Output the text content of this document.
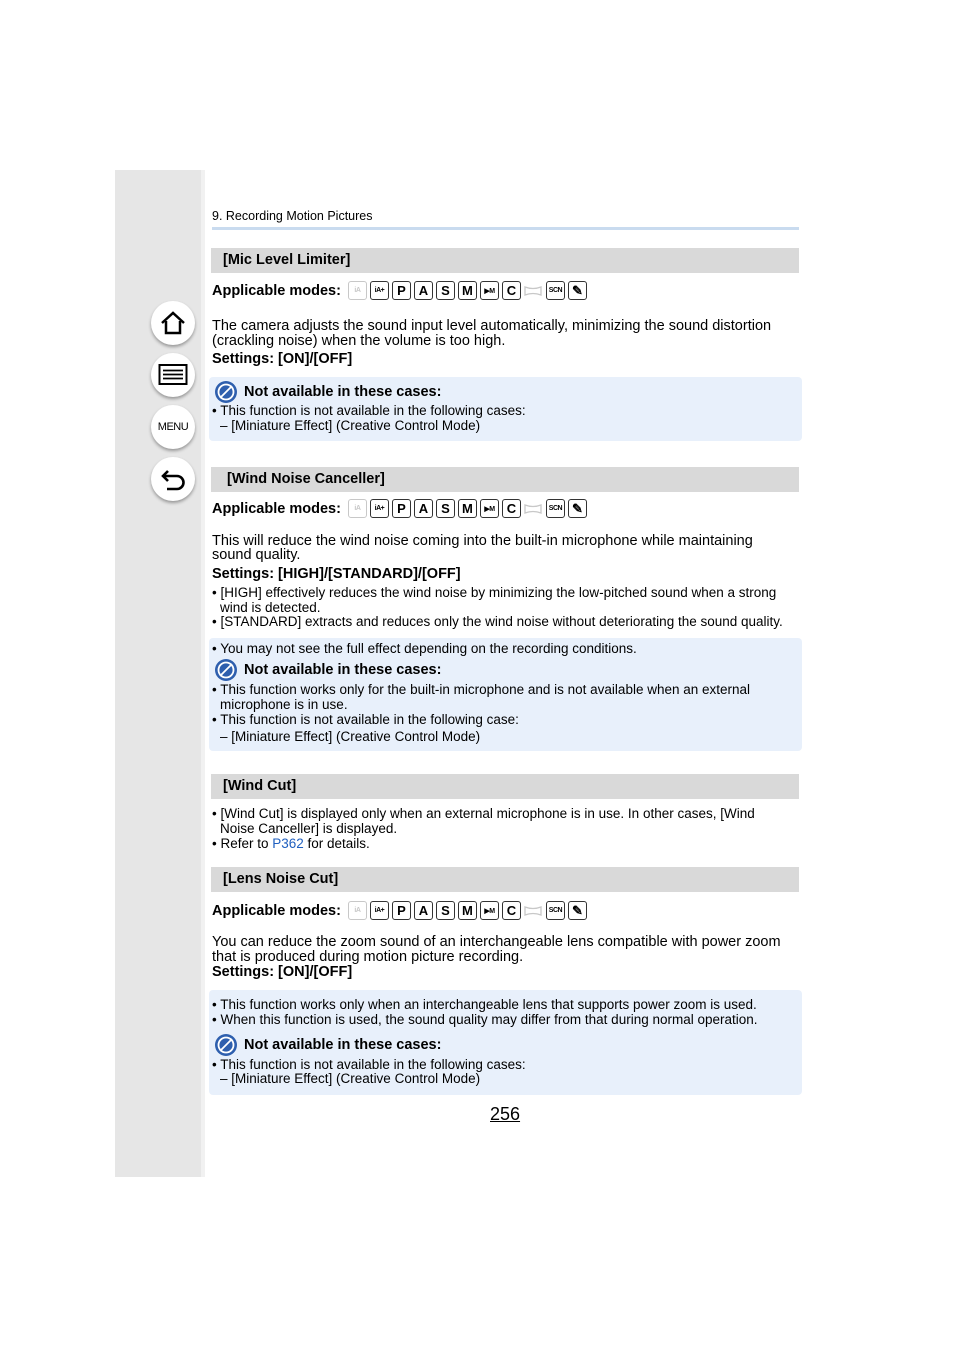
MENU
9. Recording Motion Pictures
[Mic Level Limiter]
Applicable modes:	iA	iA+ P A S M	▶M C	SCN ✎
The camera adjusts the sound input level automatically, minimizing the sound distortion
(crackling noise) when the volume is too high.
Settings: [ON]/[OFF]
Not available in these cases:
• This function is not available in the following cases:
– [Miniature Effect] (Creative Control Mode)
[Wind Noise Canceller]
Applicable modes:	iA	iA+ P A S M	▶M C	SCN ✎
This will reduce the wind noise coming into the built-in microphone while maintaining
sound quality.
Settings: [HIGH]/[STANDARD]/[OFF]
• [HIGH] effectively reduces the wind noise by minimizing the low-pitched sound when a strong
wind is detected.
• [STANDARD] extracts and reduces only the wind noise without deteriorating the sound quality.
• You may not see the full effect depending on the recording conditions.
Not available in these cases:
• This function works only for the built-in microphone and is not available when an external
microphone is in use.
• This function is not available in the following case:
– [Miniature Effect] (Creative Control Mode)
[Wind Cut]
• [Wind Cut] is displayed only when an external microphone is in use. In other cases, [Wind
Noise Canceller] is displayed.
• Refer to P362 for details.
[Lens Noise Cut]
Applicable modes:	iA	iA+ P A S M	▶M C	SCN ✎
You can reduce the zoom sound of an interchangeable lens compatible with power zoom
that is produced during motion picture recording.
Settings: [ON]/[OFF]
• This function works only when an interchangeable lens that supports power zoom is used.
• When this function is used, the sound quality may differ from that during normal operation.
Not available in these cases:
• This function is not available in the following cases:
– [Miniature Effect] (Creative Control Mode)
256
